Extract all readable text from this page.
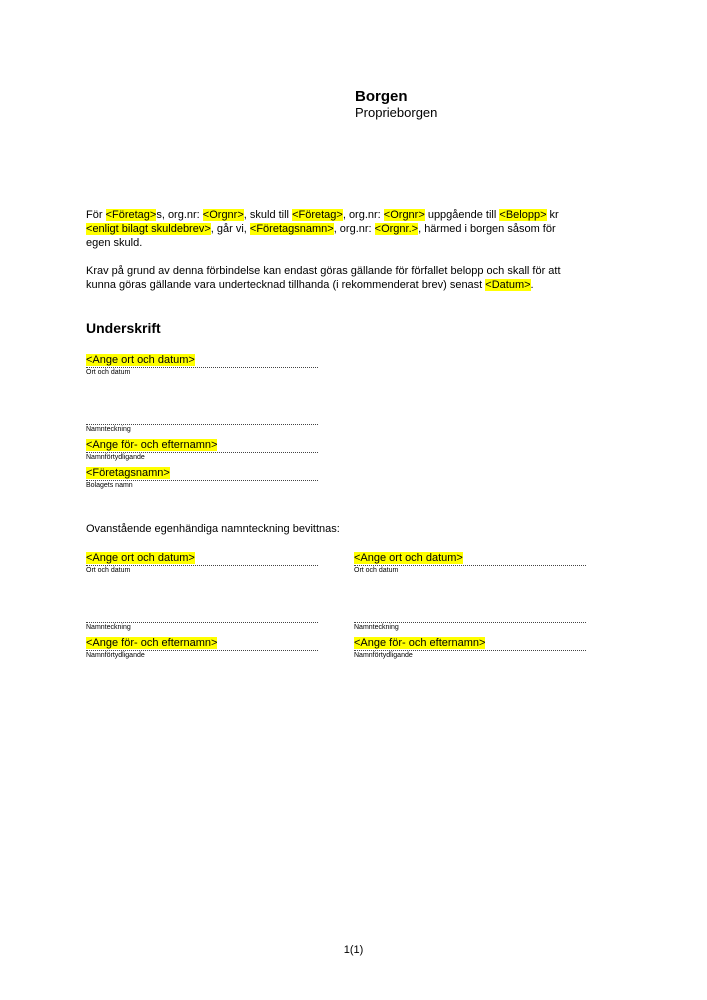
Borgen
Proprieborgen
För <Företag>s, org.nr: <Orgnr>, skuld till <Företag>, org.nr: <Orgnr> uppgående till <Belopp> kr
<enligt bilagt skuldebrev>, går vi, <Företagsnamn>, org.nr: <Orgnr.>, härmed i borgen såsom för
egen skuld.
Krav på grund av denna förbindelse kan endast göras gällande för förfallet belopp och skall för att
kunna göras gällande vara undertecknad tillhanda (i rekommenderat brev) senast <Datum>.
Underskrift
<Ange ort och datum>
Ort och datum
Namnteckning
<Ange för- och efternamn>
Namnförtydligande
<Företagsnamn>
Bolagets namn
Ovanstående egenhändiga namnteckning bevittnas:
<Ange ort och datum>
Ort och datum
Namnteckning
<Ange för- och efternamn>
Namnförtydligande
<Ange ort och datum>
Ort och datum
Namnteckning
<Ange för- och efternamn>
Namnförtydligande
1(1)
